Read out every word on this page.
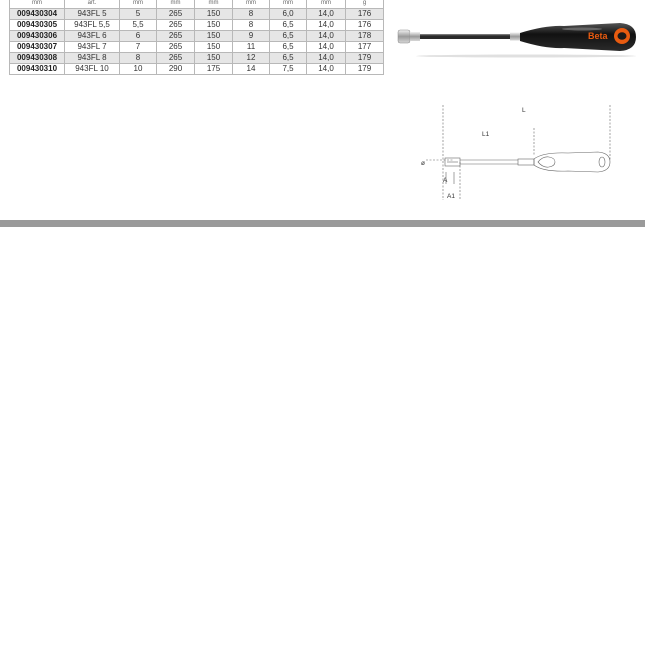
mm	art.	mm	mm	mm	mm	mm	mm	g
009430304	943FL 5	5	265	150	8	6,0	14,0	176
009430305	943FL 5,5	5,5	265	150	8	6,5	14,0	176
009430306	943FL 6	6	265	150	9	6,5	14,0	178
009430307	943FL 7	7	265	150	11	6,5	14,0	177
009430308	943FL 8	8	265	150	12	6,5	14,0	179
009430310	943FL 10	10	290	175	14	7,5	14,0	179
Beta
L
L1
ø
A
A1
